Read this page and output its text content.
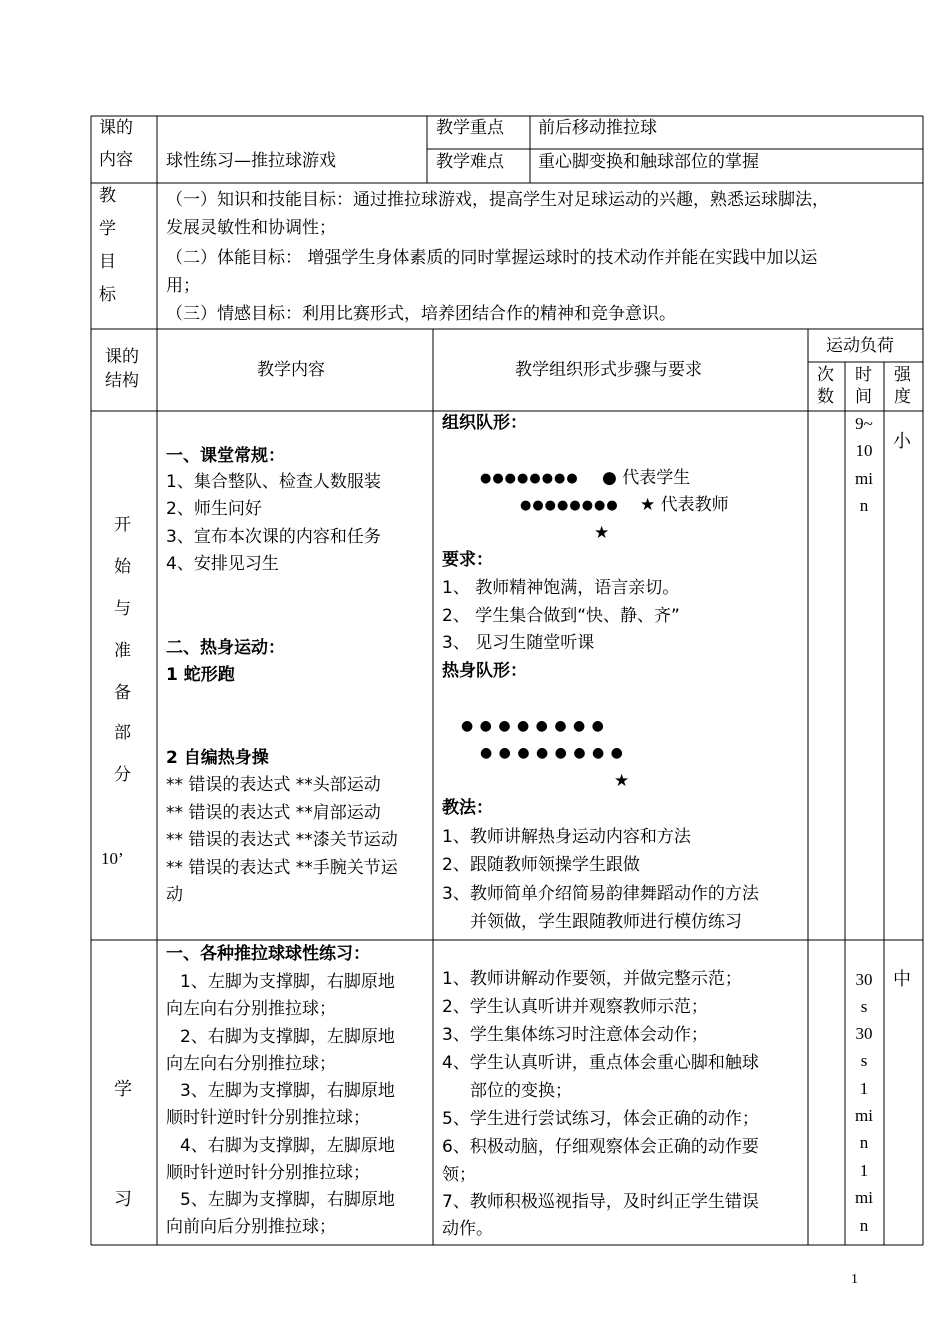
课的
内容 球性练习—推拉球游戏
教学重点 前后移动推拉球
教学难点 重心脚变换和触球部位的掌握
教
学
目
标
（一）知识和技能目标：通过推拉球游戏，提高学生对足球运动的兴趣，熟悉运球脚法，
发展灵敏性和协调性；
（二）体能目标： 增强学生身体素质的同时掌握运球时的技术动作并能在实践中加以运
用；
（三）情感目标：利用比赛形式，培养团结合作的精神和竞争意识。
课的
结构
教学内容	教学组织形式步骤与要求
运动负荷
次
数
时
间
强
度
开
始
与
准
备
部
分
10’
一、课堂常规：
1、集合整队、检查人数服装
2、师生问好
3、宣布本次课的内容和任务
4、安排见习生
二、热身运动：
1 蛇形跑
2 自编热身操
** 错误的表达式 **头部运动
** 错误的表达式 **肩部运动
** 错误的表达式 **漆关节运动
** 错误的表达式 **手腕关节运
动
组织队形：
●●●●●●●● ● 代表学生
●●●●●●●● ★ 代表教师
★
要求：
1、 教师精神饱满，语言亲切。
2、 学生集合做到“快、静、齐”
3、 见习生随堂听课
热身队形：
● ● ● ● ● ● ● ●
● ● ● ● ● ● ● ●
★
教法：
1、教师讲解热身运动内容和方法
2、跟随教师领操学生跟做
3、教师简单介绍简易韵律舞蹈动作的方法
并领做，学生跟随教师进行模仿练习
9~
10
mi
n
小
学
习
一、各种推拉球球性练习：
1、左脚为支撑脚，右脚原地
向左向右分别推拉球；
2、右脚为支撑脚，左脚原地
向左向右分别推拉球；
3、左脚为支撑脚，右脚原地
顺时针逆时针分别推拉球；
4、右脚为支撑脚，左脚原地
顺时针逆时针分别推拉球；
5、左脚为支撑脚，右脚原地
向前向后分别推拉球；
1、教师讲解动作要领，并做完整示范；
2、学生认真听讲并观察教师示范；
3、学生集体练习时注意体会动作；
4、学生认真听讲，重点体会重心脚和触球
部位的变换；
5、学生进行尝试练习，体会正确的动作；
6、积极动脑，仔细观察体会正确的动作要
领；
7、教师积极巡视指导，及时纠正学生错误
动作。
30
s
30
s
1
mi
n
1
mi
n
中
1
